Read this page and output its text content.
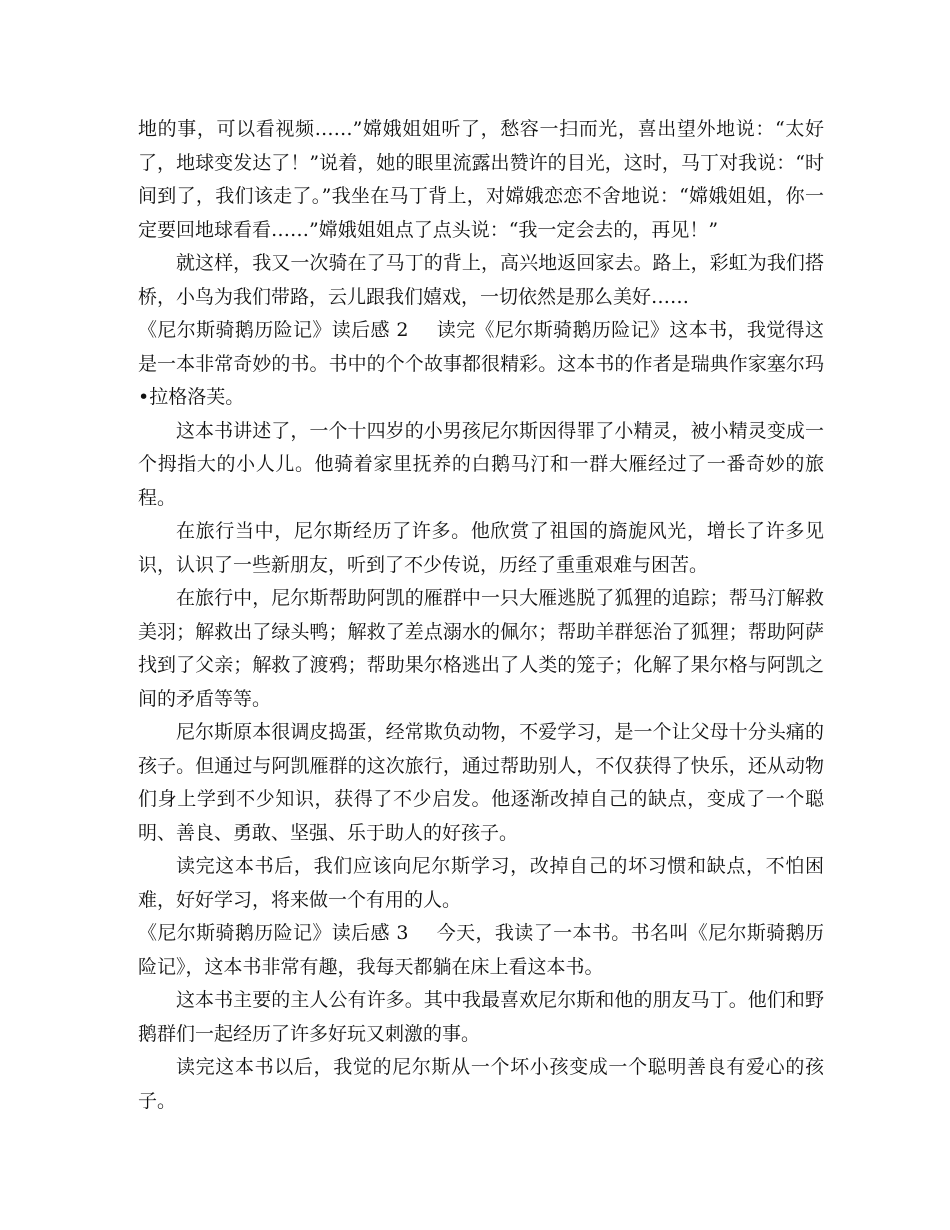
地的事，可以看视频……”嫦娥姐姐听了，愁容一扫而光，喜出望外地说：“太好了，地球变发达了！”说着，她的眼里流露出赞许的目光，这时，马丁对我说：“时间到了，我们该走了。”我坐在马丁背上，对嫦娥恋恋不舍地说：“嫦娥姐姐，你一定要回地球看看……”嫦娥姐姐点了点头说：“我一定会去的，再见！”

就这样，我又一次骑在了马丁的背上，高兴地返回家去。路上，彩虹为我们搭桥，小鸟为我们带路，云儿跟我们嬉戏，一切依然是那么美好……

《尼尔斯骑鹅历险记》读后感 2 读完《尼尔斯骑鹅历险记》这本书，我觉得这是一本非常奇妙的书。书中的个个故事都很精彩。这本书的作者是瑞典作家塞尔玛•拉格洛芙。

这本书讲述了，一个十四岁的小男孩尼尔斯因得罪了小精灵，被小精灵变成一个拇指大的小人儿。他骑着家里抚养的白鹅马汀和一群大雁经过了一番奇妙的旅程。

在旅行当中，尼尔斯经历了许多。他欣赏了祖国的旖旎风光，增长了许多见识，认识了一些新朋友，听到了不少传说，历经了重重艰难与困苦。

在旅行中，尼尔斯帮助阿凯的雁群中一只大雁逃脱了狐狸的追踪；帮马汀解救美羽；解救出了绿头鸭；解救了差点溺水的佩尔；帮助羊群惩治了狐狸；帮助阿萨找到了父亲；解救了渡鸦；帮助果尔格逃出了人类的笼子；化解了果尔格与阿凯之间的矛盾等等。

尼尔斯原本很调皮捣蛋，经常欺负动物，不爱学习，是一个让父母十分头痛的孩子。但通过与阿凯雁群的这次旅行，通过帮助别人，不仅获得了快乐，还从动物们身上学到不少知识，获得了不少启发。他逐渐改掉自己的缺点，变成了一个聪明、善良、勇敢、坚强、乐于助人的好孩子。

读完这本书后，我们应该向尼尔斯学习，改掉自己的坏习惯和缺点，不怕困难，好好学习，将来做一个有用的人。

《尼尔斯骑鹅历险记》读后感 3 今天，我读了一本书。书名叫《尼尔斯骑鹅历险记》，这本书非常有趣，我每天都躺在床上看这本书。

这本书主要的主人公有许多。其中我最喜欢尼尔斯和他的朋友马丁。他们和野鹅群们一起经历了许多好玩又刺激的事。

读完这本书以后，我觉的尼尔斯从一个坏小孩变成一个聪明善良有爱心的孩子。
